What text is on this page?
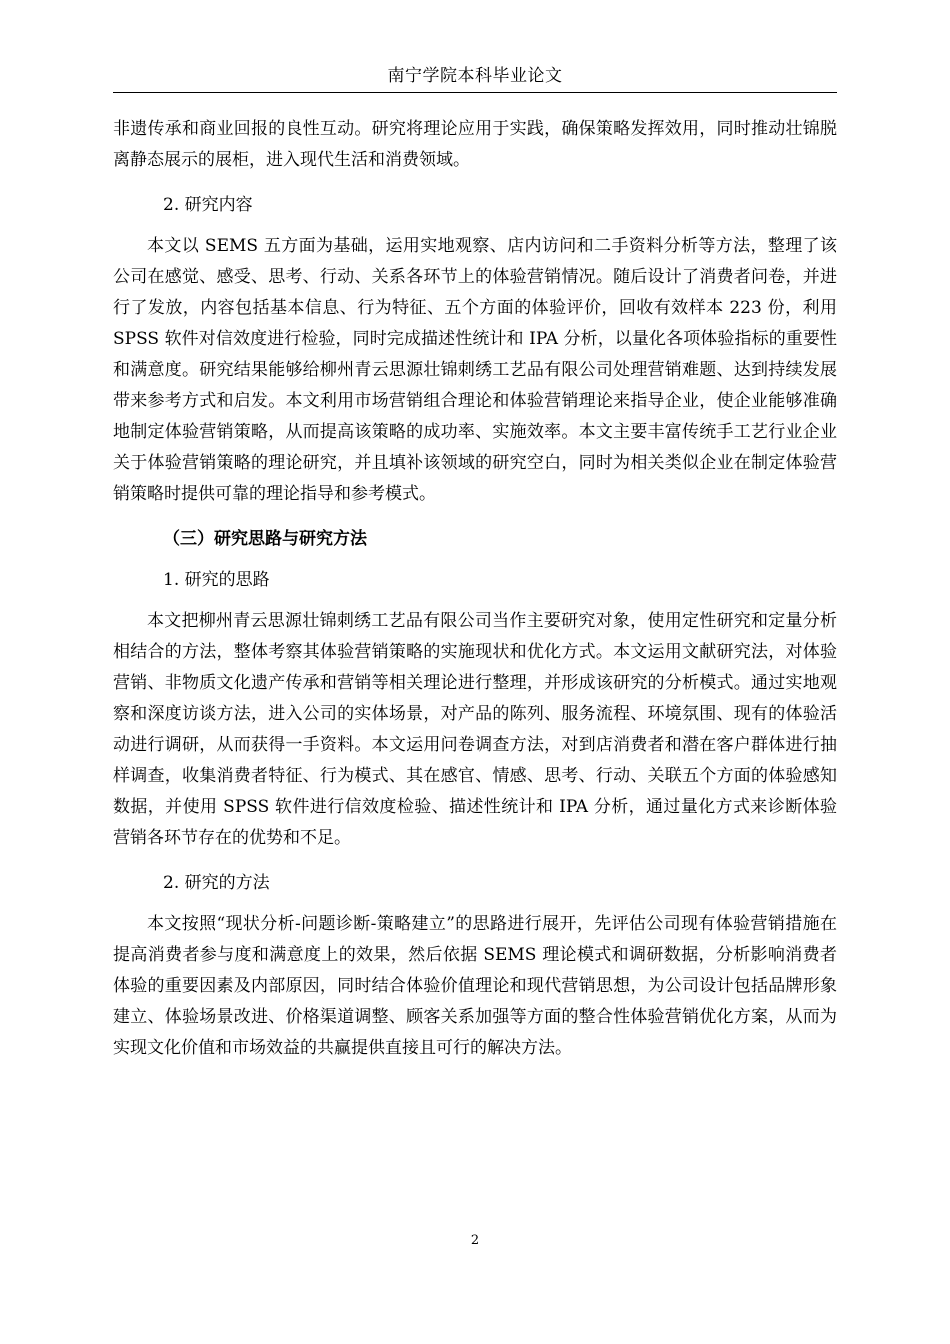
南宁学院本科毕业论文

非遗传承和商业回报的良性互动。研究将理论应用于实践，确保策略发挥效用，同时推动壮锦脱离静态展示的展柜，进入现代生活和消费领域。

2. 研究内容

本文以 SEMS 五方面为基础，运用实地观察、店内访问和二手资料分析等方法，整理了该公司在感觉、感受、思考、行动、关系各环节上的体验营销情况。随后设计了消费者问卷，并进行了发放，内容包括基本信息、行为特征、五个方面的体验评价，回收有效样本 223 份，利用 SPSS 软件对信效度进行检验，同时完成描述性统计和 IPA 分析，以量化各项体验指标的重要性和满意度。研究结果能够给柳州青云思源壮锦刺绣工艺品有限公司处理营销难题、达到持续发展带来参考方式和启发。本文利用市场营销组合理论和体验营销理论来指导企业，使企业能够准确地制定体验营销策略，从而提高该策略的成功率、实施效率。本文主要丰富传统手工艺行业企业关于体验营销策略的理论研究，并且填补该领域的研究空白，同时为相关类似企业在制定体验营销策略时提供可靠的理论指导和参考模式。

（三）研究思路与研究方法

1. 研究的思路

本文把柳州青云思源壮锦刺绣工艺品有限公司当作主要研究对象，使用定性研究和定量分析相结合的方法，整体考察其体验营销策略的实施现状和优化方式。本文运用文献研究法，对体验营销、非物质文化遗产传承和营销等相关理论进行整理，并形成该研究的分析模式。通过实地观察和深度访谈方法，进入公司的实体场景，对产品的陈列、服务流程、环境氛围、现有的体验活动进行调研，从而获得一手资料。本文运用问卷调查方法，对到店消费者和潜在客户群体进行抽样调查，收集消费者特征、行为模式、其在感官、情感、思考、行动、关联五个方面的体验感知数据，并使用 SPSS 软件进行信效度检验、描述性统计和 IPA 分析，通过量化方式来诊断体验营销各环节存在的优势和不足。

2. 研究的方法

本文按照“现状分析-问题诊断-策略建立”的思路进行展开，先评估公司现有体验营销措施在提高消费者参与度和满意度上的效果，然后依据 SEMS 理论模式和调研数据，分析影响消费者体验的重要因素及内部原因，同时结合体验价值理论和现代营销思想，为公司设计包括品牌形象建立、体验场景改进、价格渠道调整、顾客关系加强等方面的整合性体验营销优化方案，从而为实现文化价值和市场效益的共赢提供直接且可行的解决方法。

2
